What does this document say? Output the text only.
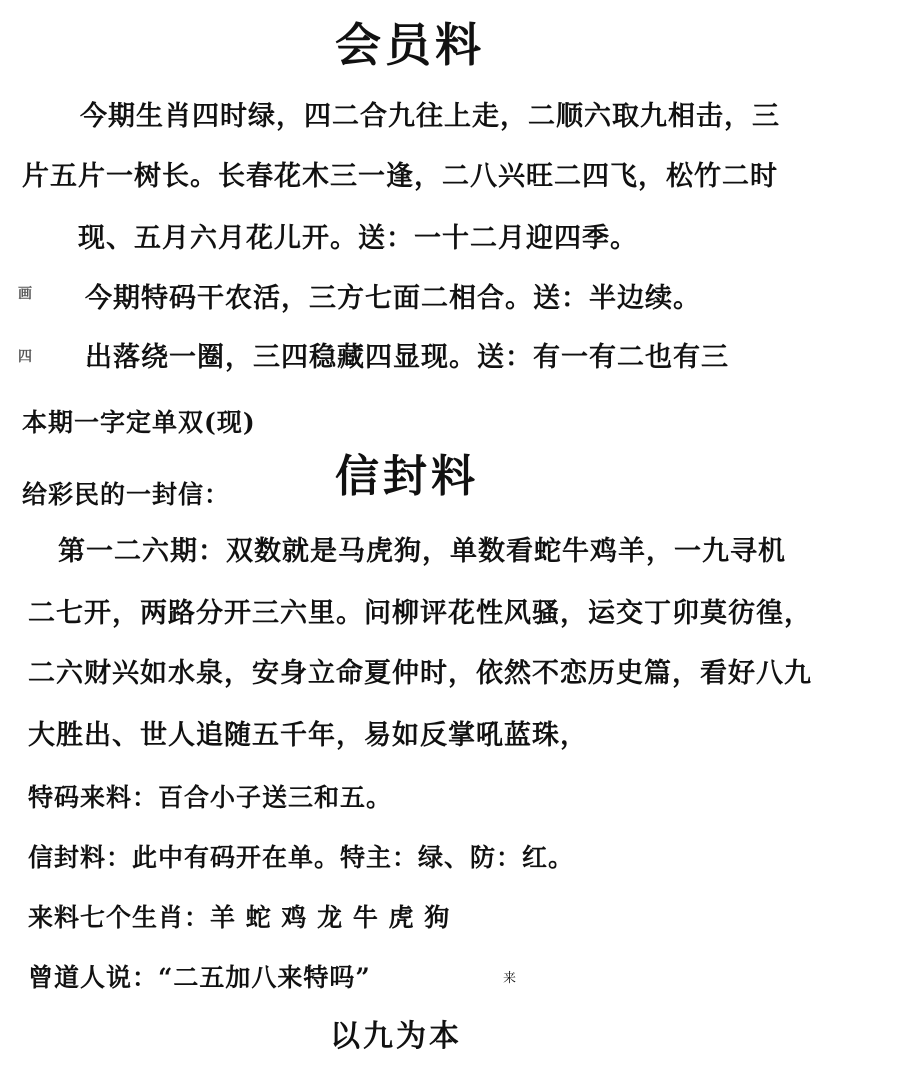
会员料
今期生肖四时绿，四二合九往上走，二顺六取九相击，三
片五片一树长。长春花木三一逢，二八兴旺二四飞，松竹二时
现、五月六月花儿开。送：一十二月迎四季。
画 今期特码干农活，三方七面二相合。送：半边续。
四 出落绕一圈，三四稳藏四显现。送：有一有二也有三
本期一字定单双(现)
给彩民的一封信： 信封料
第一二六期：双数就是马虎狗，单数看蛇牛鸡羊，一九寻机
二七开，两路分开三六里。问柳评花性风骚，运交丁卯莫彷徨，
二六财兴如水泉，安身立命夏仲时，依然不恋历史篇，看好八九
大胜出、世人追随五千年，易如反掌吼蓝珠，
特码来料：百合小子送三和五。
信封料：此中有码开在单。特主：绿、防：红。
来料七个生肖：羊 蛇 鸡 龙 牛 虎 狗
曾道人说：“二五加八来特吗”	来
以九为本
